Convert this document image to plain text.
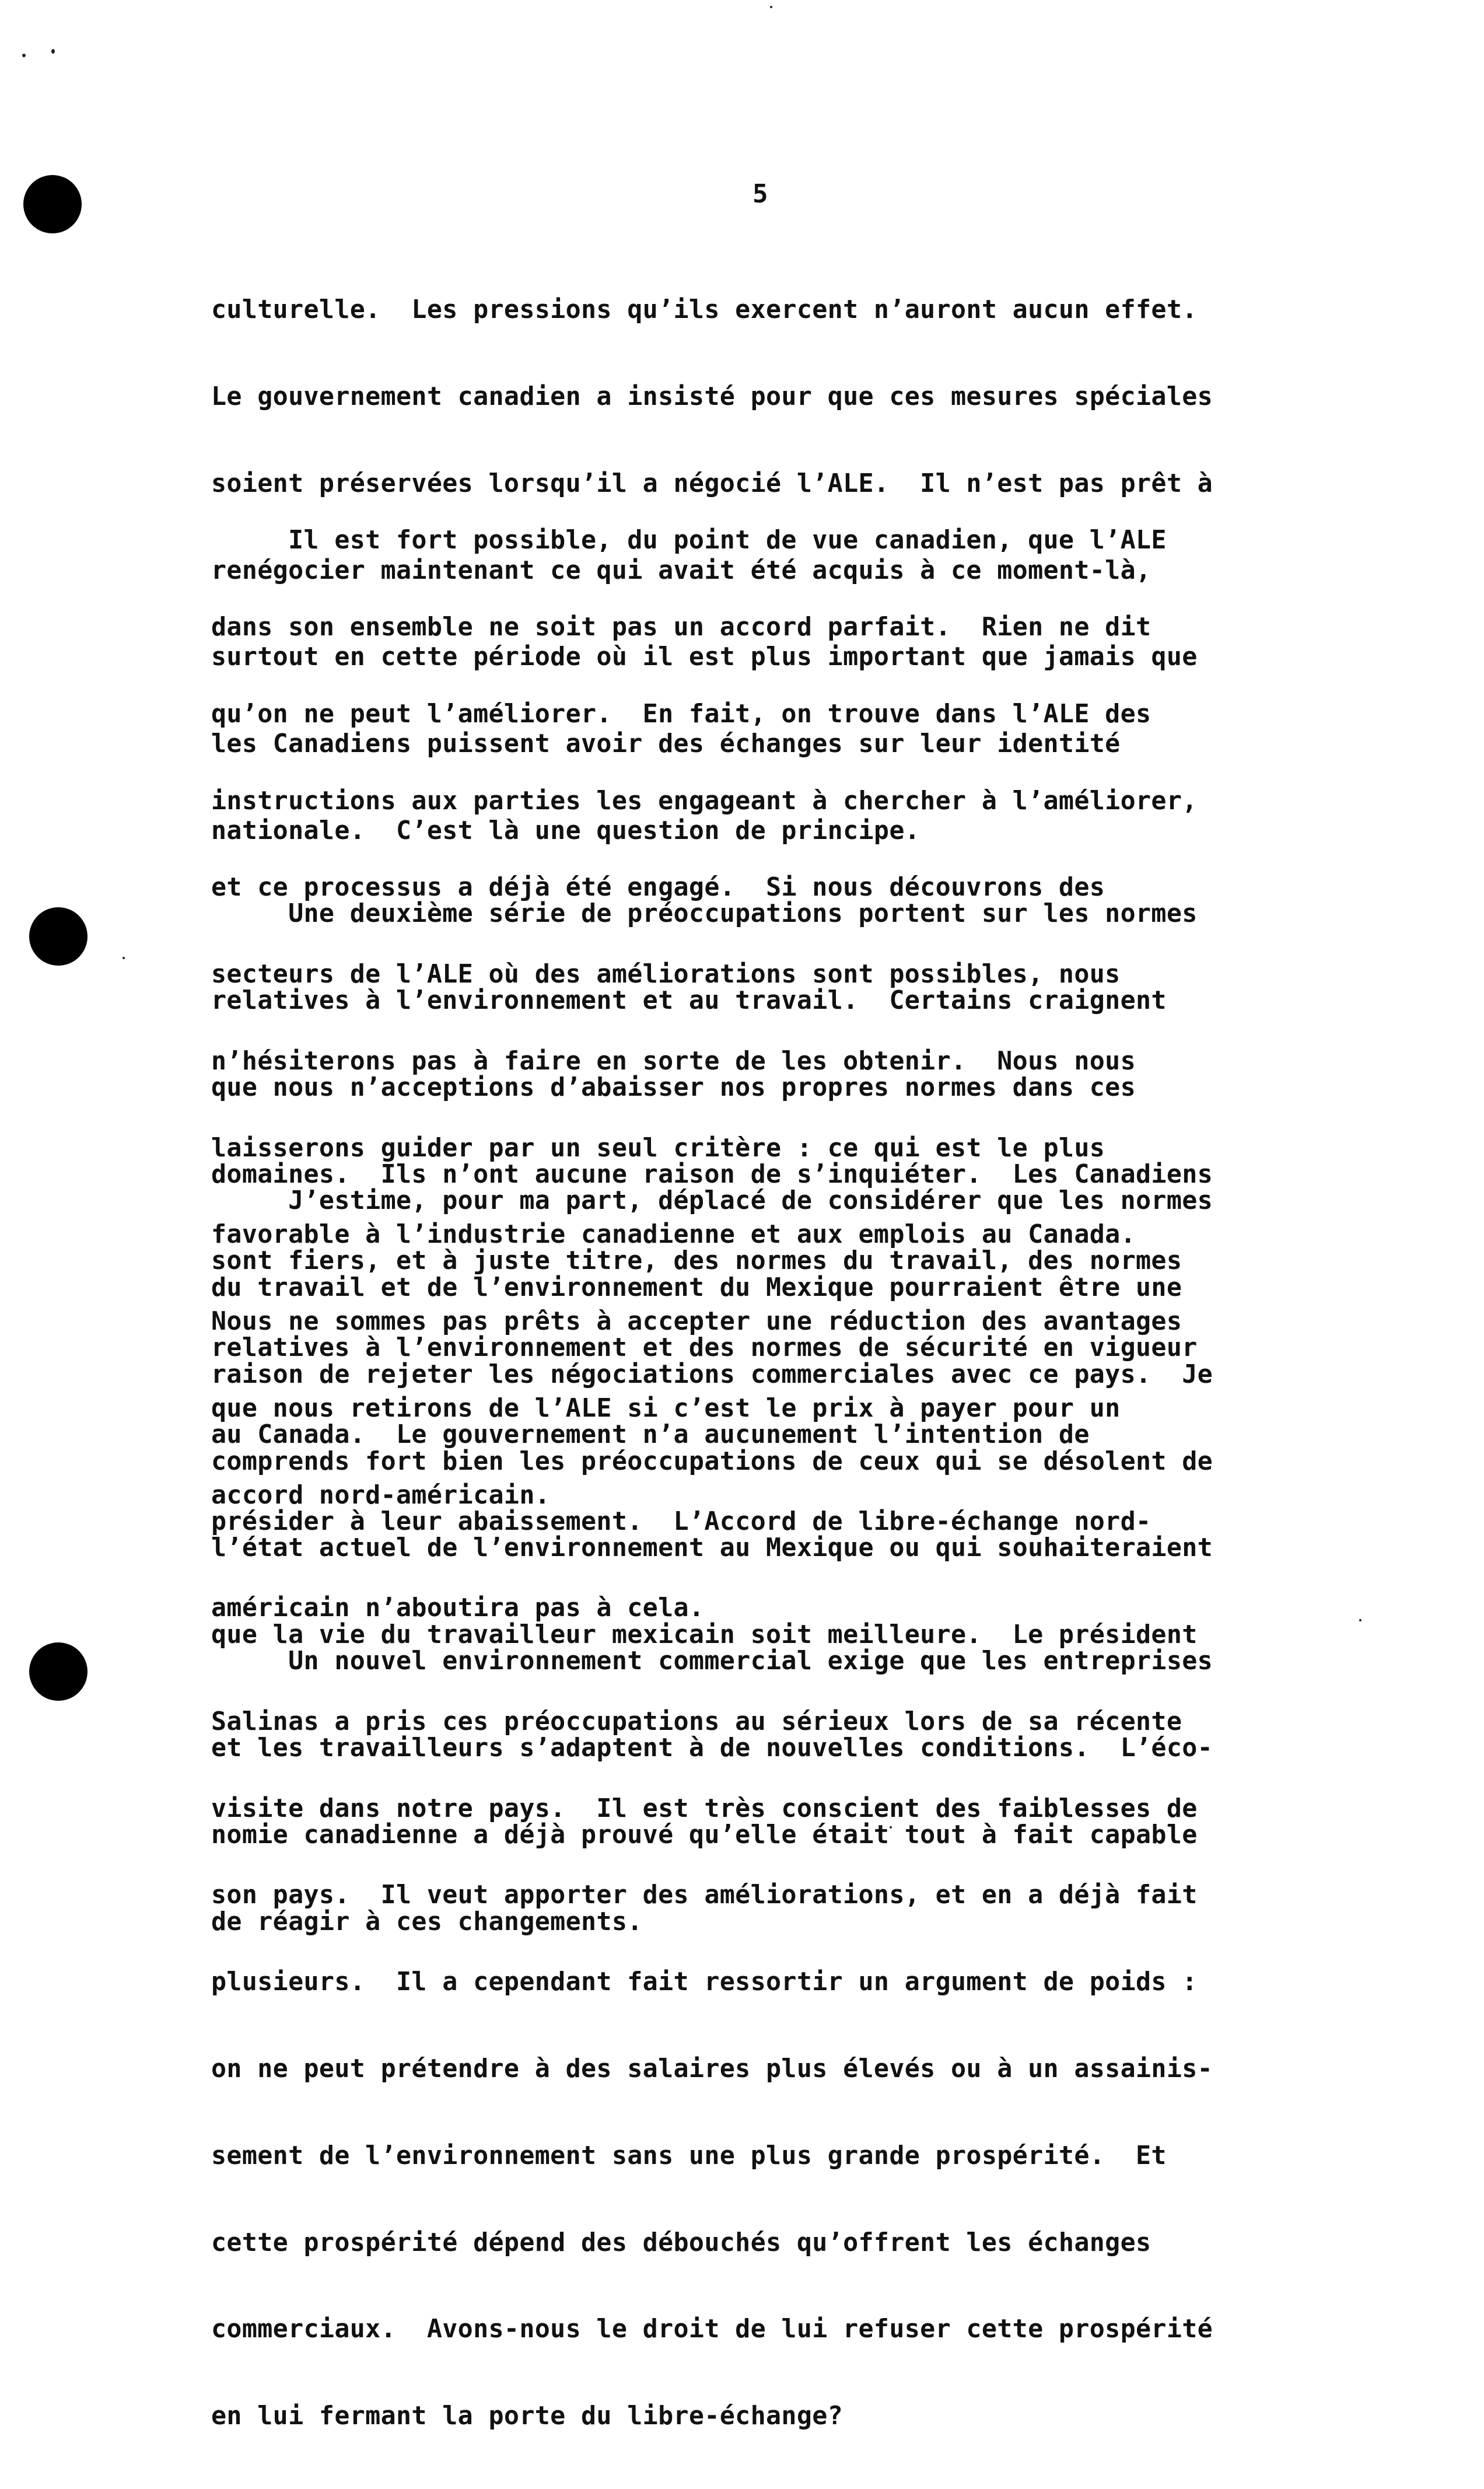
5

culturelle.  Les pressions qu’ils exercent n’auront aucun effet.

Le gouvernement canadien a insisté pour que ces mesures spéciales

soient préservées lorsqu’il a négocié l’ALE.  Il n’est pas prêt à

renégocier maintenant ce qui avait été acquis à ce moment-là,

surtout en cette période où il est plus important que jamais que

les Canadiens puissent avoir des échanges sur leur identité

nationale.  C’est là une question de principe.

Il est fort possible, du point de vue canadien, que l’ALE

dans son ensemble ne soit pas un accord parfait.  Rien ne dit

qu’on ne peut l’améliorer.  En fait, on trouve dans l’ALE des

instructions aux parties les engageant à chercher à l’améliorer,

et ce processus a déjà été engagé.  Si nous découvrons des

secteurs de l’ALE où des améliorations sont possibles, nous

n’hésiterons pas à faire en sorte de les obtenir.  Nous nous

laisserons guider par un seul critère : ce qui est le plus

favorable à l’industrie canadienne et aux emplois au Canada.

Nous ne sommes pas prêts à accepter une réduction des avantages

que nous retirons de l’ALE si c’est le prix à payer pour un

accord nord-américain.

Une deuxième série de préoccupations portent sur les normes

relatives à l’environnement et au travail.  Certains craignent

que nous n’acceptions d’abaisser nos propres normes dans ces

domaines.  Ils n’ont aucune raison de s’inquiéter.  Les Canadiens

sont fiers, et à juste titre, des normes du travail, des normes

relatives à l’environnement et des normes de sécurité en vigueur

au Canada.  Le gouvernement n’a aucunement l’intention de

présider à leur abaissement.  L’Accord de libre-échange nord-

américain n’aboutira pas à cela.

J’estime, pour ma part, déplacé de considérer que les normes

du travail et de l’environnement du Mexique pourraient être une

raison de rejeter les négociations commerciales avec ce pays.  Je

comprends fort bien les préoccupations de ceux qui se désolent de

l’état actuel de l’environnement au Mexique ou qui souhaiteraient

que la vie du travailleur mexicain soit meilleure.  Le président

Salinas a pris ces préoccupations au sérieux lors de sa récente

visite dans notre pays.  Il est très conscient des faiblesses de

son pays.  Il veut apporter des améliorations, et en a déjà fait

plusieurs.  Il a cependant fait ressortir un argument de poids :

on ne peut prétendre à des salaires plus élevés ou à un assainis-

sement de l’environnement sans une plus grande prospérité.  Et

cette prospérité dépend des débouchés qu’offrent les échanges

commerciaux.  Avons-nous le droit de lui refuser cette prospérité

en lui fermant la porte du libre-échange?

Un nouvel environnement commercial exige que les entreprises

et les travailleurs s’adaptent à de nouvelles conditions.  L’éco-

nomie canadienne a déjà prouvé qu’elle était tout à fait capable

de réagir à ces changements.
